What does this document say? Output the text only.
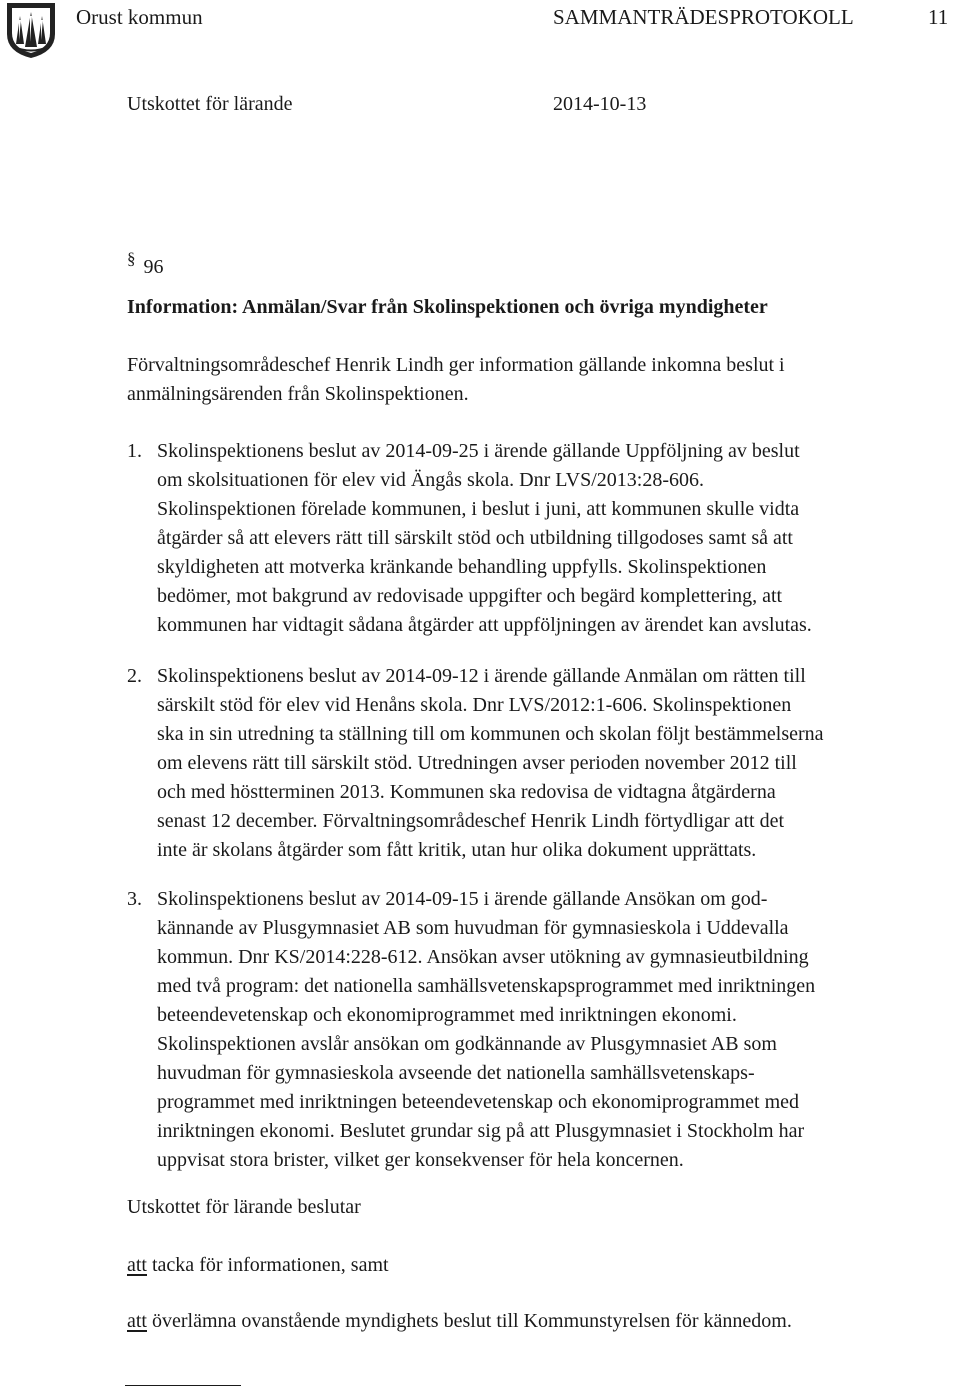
Orust kommun	SAMMANTRÄDESPROTOKOLL	11
Utskottet för lärande	2014-10-13
§ 96
Information: Anmälan/Svar från Skolinspektionen och övriga myndigheter
Förvaltningsområdeschef Henrik Lindh ger information gällande inkomna beslut i
anmälningsärenden från Skolinspektionen.
1. Skolinspektionens beslut av 2014-09-25 i ärende gällande Uppföljning av beslut
om skolsituationen för elev vid Ängås skola. Dnr LVS/2013:28-606.
Skolinspektionen förelade kommunen, i beslut i juni, att kommunen skulle vidta
åtgärder så att elevers rätt till särskilt stöd och utbildning tillgodoses samt så att
skyldigheten att motverka kränkande behandling uppfylls. Skolinspektionen
bedömer, mot bakgrund av redovisade uppgifter och begärd komplettering, att
kommunen har vidtagit sådana åtgärder att uppföljningen av ärendet kan avslutas.
2. Skolinspektionens beslut av 2014-09-12 i ärende gällande Anmälan om rätten till
särskilt stöd för elev vid Henåns skola. Dnr LVS/2012:1-606. Skolinspektionen
ska in sin utredning ta ställning till om kommunen och skolan följt bestämmelserna
om elevens rätt till särskilt stöd. Utredningen avser perioden november 2012 till
och med höstterminen 2013. Kommunen ska redovisa de vidtagna åtgärderna
senast 12 december. Förvaltningsområdeschef Henrik Lindh förtydligar att det
inte är skolans åtgärder som fått kritik, utan hur olika dokument upprättats.
3. Skolinspektionens beslut av 2014-09-15 i ärende gällande Ansökan om god-
kännande av Plusgymnasiet AB som huvudman för gymnasieskola i Uddevalla
kommun. Dnr KS/2014:228-612. Ansökan avser utökning av gymnasieutbildning
med två program: det nationella samhällsvetenskapsprogrammet med inriktningen
beteendevetenskap och ekonomiprogrammet med inriktningen ekonomi.
Skolinspektionen avslår ansökan om godkännande av Plusgymnasiet AB som
huvudman för gymnasieskola avseende det nationella samhällsvetenskaps-
programmet med inriktningen beteendevetenskap och ekonomiprogrammet med
inriktningen ekonomi. Beslutet grundar sig på att Plusgymnasiet i Stockholm har
uppvisat stora brister, vilket ger konsekvenser för hela koncernen.
Utskottet för lärande beslutar
att tacka för informationen, samt
att överlämna ovanstående myndighets beslut till Kommunstyrelsen för kännedom.
